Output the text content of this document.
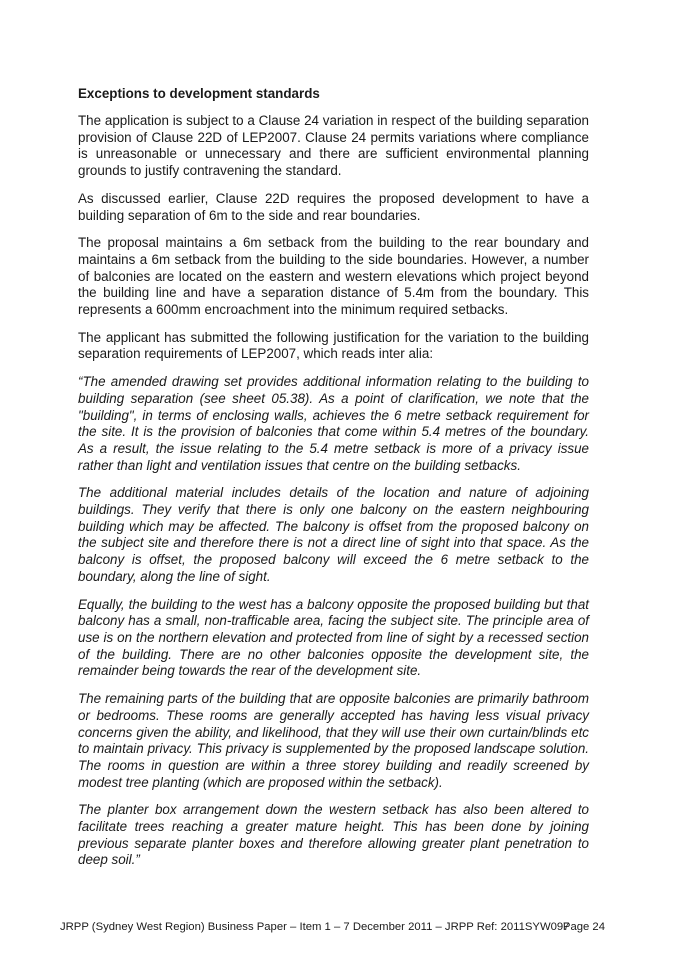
Exceptions to development standards

The application is subject to a Clause 24 variation in respect of the building separation provision of Clause 22D of LEP2007. Clause 24 permits variations where compliance is unreasonable or unnecessary and there are sufficient environmental planning grounds to justify contravening the standard.

As discussed earlier, Clause 22D requires the proposed development to have a building separation of 6m to the side and rear boundaries.

The proposal maintains a 6m setback from the building to the rear boundary and maintains a 6m setback from the building to the side boundaries. However, a number of balconies are located on the eastern and western elevations which project beyond the building line and have a separation distance of 5.4m from the boundary. This represents a 600mm encroachment into the minimum required setbacks.

The applicant has submitted the following justification for the variation to the building separation requirements of LEP2007, which reads inter alia:

“The amended drawing set provides additional information relating to the building to building separation (see sheet 05.38). As a point of clarification, we note that the "building", in terms of enclosing walls, achieves the 6 metre setback requirement for the site. It is the provision of balconies that come within 5.4 metres of the boundary. As a result, the issue relating to the 5.4 metre setback is more of a privacy issue rather than light and ventilation issues that centre on the building setbacks.

The additional material includes details of the location and nature of adjoining buildings. They verify that there is only one balcony on the eastern neighbouring building which may be affected. The balcony is offset from the proposed balcony on the subject site and therefore there is not a direct line of sight into that space. As the balcony is offset, the proposed balcony will exceed the 6 metre setback to the boundary, along the line of sight.

Equally, the building to the west has a balcony opposite the proposed building but that balcony has a small, non-trafficable area, facing the subject site. The principle area of use is on the northern elevation and protected from line of sight by a recessed section of the building. There are no other balconies opposite the development site, the remainder being towards the rear of the development site.

The remaining parts of the building that are opposite balconies are primarily bathroom or bedrooms. These rooms are generally accepted has having less visual privacy concerns given the ability, and likelihood, that they will use their own curtain/blinds etc to maintain privacy. This privacy is supplemented by the proposed landscape solution. The rooms in question are within a three storey building and readily screened by modest tree planting (which are proposed within the setback).

The planter box arrangement down the western setback has also been altered to facilitate trees reaching a greater mature height. This has been done by joining previous separate planter boxes and therefore allowing greater plant penetration to deep soil.”

JRPP (Sydney West Region) Business Paper – Item 1 – 7 December 2011 – JRPP Ref: 2011SYW097
Page 24
